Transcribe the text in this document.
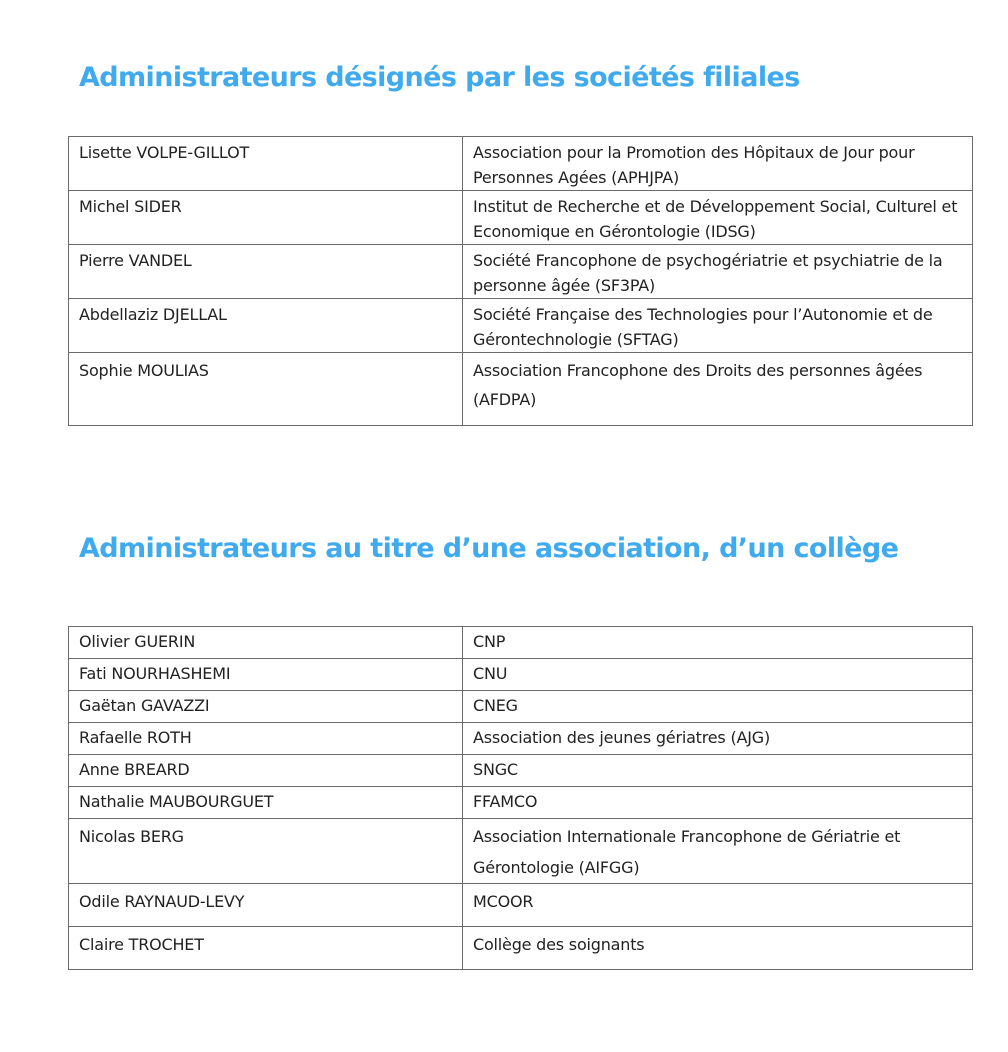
Administrateurs désignés par les sociétés filiales
Lisette VOLPE-GILLOT	Association pour la Promotion des Hôpitaux de Jour pour Personnes Agées (APHJPA)
Michel SIDER	Institut de Recherche et de Développement Social, Culturel et Economique en Gérontologie (IDSG)
Pierre VANDEL	Société Francophone de psychogériatrie et psychiatrie de la personne âgée (SF3PA)
Abdellaziz DJELLAL	Société Française des Technologies pour l’Autonomie et de Gérontechnologie (SFTAG)
Sophie MOULIAS	Association Francophone des Droits des personnes âgées (AFDPA)
Administrateurs au titre d’une association, d’un collège
Olivier GUERIN	CNP
Fati NOURHASHEMI	CNU
Gaëtan GAVAZZI	CNEG
Rafaelle ROTH	Association des jeunes gériatres (AJG)
Anne BREARD	SNGC
Nathalie MAUBOURGUET	FFAMCO
Nicolas BERG	Association Internationale Francophone de Gériatrie et Gérontologie (AIFGG)
Odile RAYNAUD-LEVY	MCOOR
Claire TROCHET	Collège des soignants
